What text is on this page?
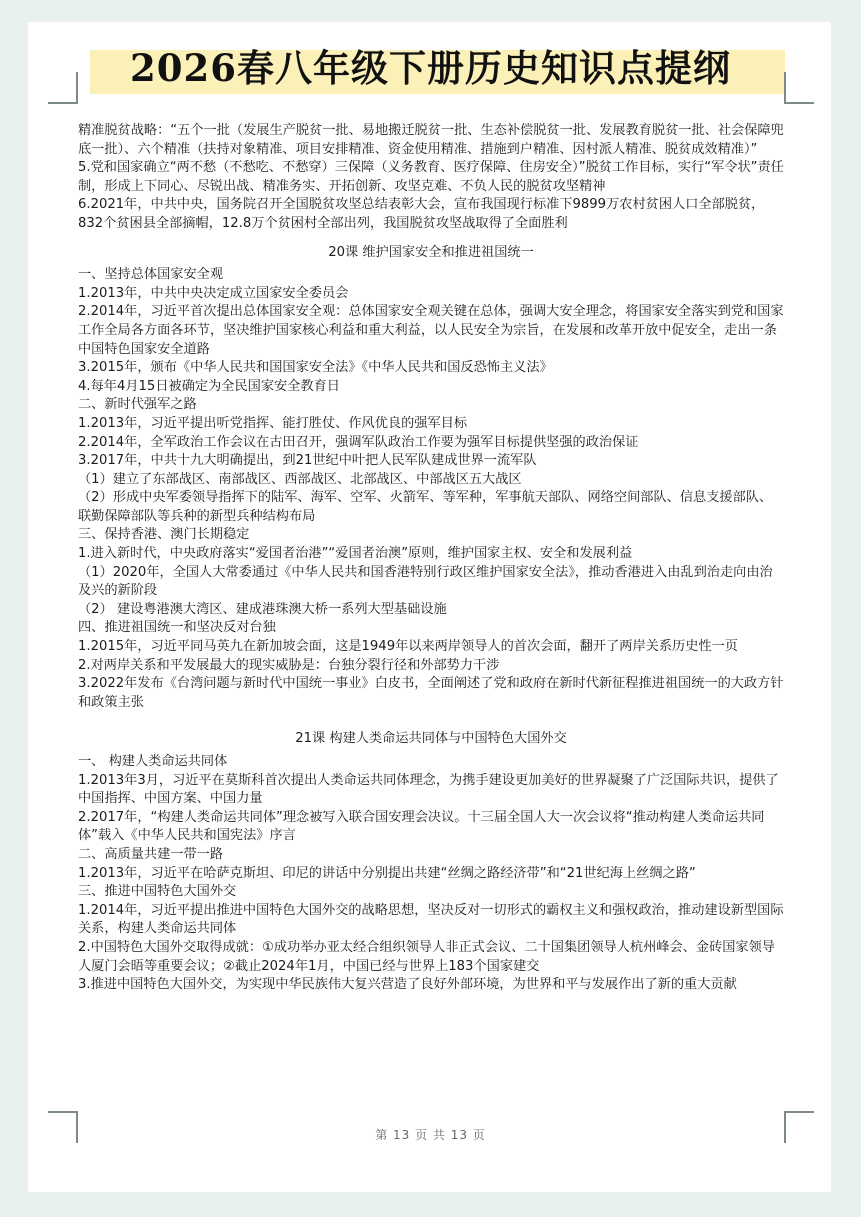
2026春八年级下册历史知识点提纲

精准脱贫战略：“五个一批（发展生产脱贫一批、易地搬迁脱贫一批、生态补偿脱贫一批、发展教育脱贫一批、社会保障兜底一批）、六个精准（扶持对象精准、项目安排精准、资金使用精准、措施到户精准、因村派人精准、脱贫成效精准）”

5.党和国家确立“两不愁（不愁吃、不愁穿）三保障（义务教育、医疗保障、住房安全）”脱贫工作目标，实行“军令状”责任制，形成上下同心、尽锐出战、精准务实、开拓创新、攻坚克难、不负人民的脱贫攻坚精神

6.2021年，中共中央，国务院召开全国脱贫攻坚总结表彰大会，宣布我国现行标准下9899万农村贫困人口全部脱贫，832个贫困县全部摘帽，12.8万个贫困村全部出列，我国脱贫攻坚战取得了全面胜利

20课 维护国家安全和推进祖国统一

一、坚持总体国家安全观

1.2013年，中共中央决定成立国家安全委员会

2.2014年，习近平首次提出总体国家安全观：总体国家安全观关键在总体，强调大安全理念，将国家安全落实到党和国家工作全局各方面各环节，坚决维护国家核心利益和重大利益，以人民安全为宗旨，在发展和改革开放中促安全，走出一条中国特色国家安全道路

3.2015年，颁布《中华人民共和国国家安全法》《中华人民共和国反恐怖主义法》

4.每年4月15日被确定为全民国家安全教育日

二、新时代强军之路

1.2013年，习近平提出听党指挥、能打胜仗、作风优良的强军目标

2.2014年，全军政治工作会议在古田召开，强调军队政治工作要为强军目标提供坚强的政治保证

3.2017年，中共十九大明确提出，到21世纪中叶把人民军队建成世界一流军队

（1）建立了东部战区、南部战区、西部战区、北部战区、中部战区五大战区

（2）形成中央军委领导指挥下的陆军、海军、空军、火箭军、等军种，军事航天部队、网络空间部队、信息支援部队、联勤保障部队等兵种的新型兵种结构布局

三、保持香港、澳门长期稳定

1.进入新时代，中央政府落实“爱国者治港”“爱国者治澳”原则，维护国家主权、安全和发展利益

（1）2020年，全国人大常委通过《中华人民共和国香港特别行政区维护国家安全法》，推动香港进入由乱到治走向由治及兴的新阶段

（2） 建设粤港澳大湾区、建成港珠澳大桥一系列大型基础设施

四、推进祖国统一和坚决反对台独

1.2015年，习近平同马英九在新加坡会面，这是1949年以来两岸领导人的首次会面，翻开了两岸关系历史性一页

2.对两岸关系和平发展最大的现实威胁是：台独分裂行径和外部势力干涉

3.2022年发布《台湾问题与新时代中国统一事业》白皮书，全面阐述了党和政府在新时代新征程推进祖国统一的大政方针和政策主张

21课 构建人类命运共同体与中国特色大国外交

一、 构建人类命运共同体

1.2013年3月，习近平在莫斯科首次提出人类命运共同体理念，为携手建设更加美好的世界凝聚了广泛国际共识，提供了中国指挥、中国方案、中国力量

2.2017年，“构建人类命运共同体”理念被写入联合国安理会决议。十三届全国人大一次会议将“推动构建人类命运共同体”载入《中华人民共和国宪法》序言

二、高质量共建一带一路

1.2013年，习近平在哈萨克斯坦、印尼的讲话中分别提出共建“丝绸之路经济带”和“21世纪海上丝绸之路”

三、推进中国特色大国外交

1.2014年，习近平提出推进中国特色大国外交的战略思想，坚决反对一切形式的霸权主义和强权政治，推动建设新型国际关系，构建人类命运共同体

2.中国特色大国外交取得成就：①成功举办亚太经合组织领导人非正式会议、二十国集团领导人杭州峰会、金砖国家领导人厦门会晤等重要会议；②截止2024年1月，中国已经与世界上183个国家建交

3.推进中国特色大国外交，为实现中华民族伟大复兴营造了良好外部环境，为世界和平与发展作出了新的重大贡献

第 13 页 共 13 页
